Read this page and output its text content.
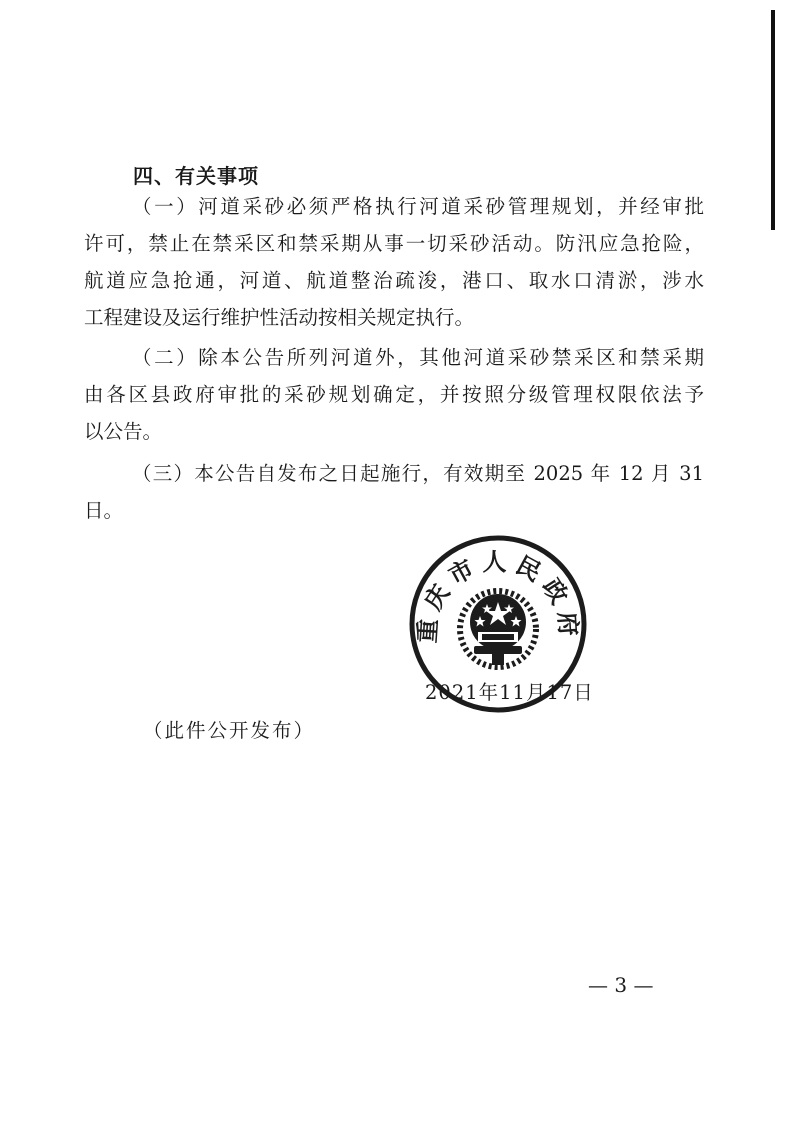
四、有关事项

（一）河道采砂必须严格执行河道采砂管理规划，并经审批
许可，禁止在禁采区和禁采期从事一切采砂活动。防汛应急抢险，
航道应急抢通，河道、航道整治疏浚，港口、取水口清淤，涉水
工程建设及运行维护性活动按相关规定执行。

（二）除本公告所列河道外，其他河道采砂禁采区和禁采期
由各区县政府审批的采砂规划确定，并按照分级管理权限依法予
以公告。

（三）本公告自发布之日起施行，有效期至 2025 年 12 月 31
日。

重庆市人民政府
2021年11月17日
（此件公开发布）
— 3 —
